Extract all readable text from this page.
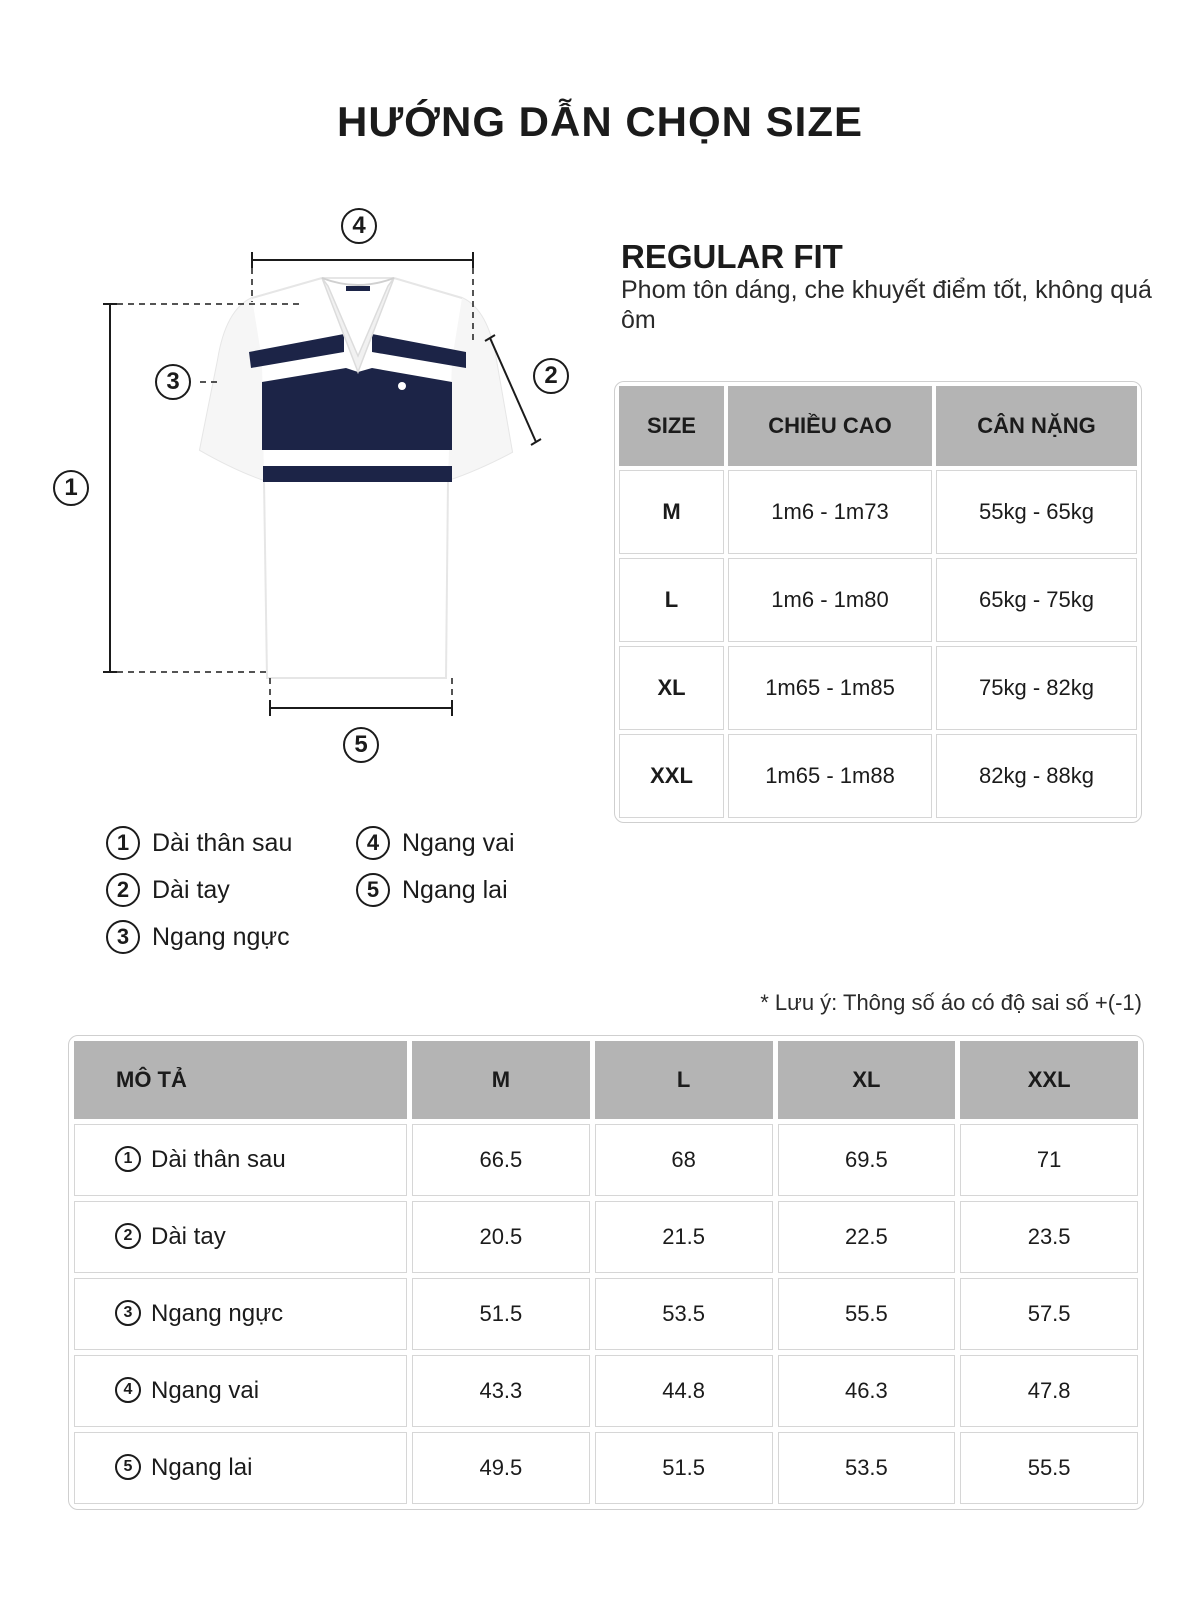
HƯỚNG DẪN CHỌN SIZE
4
1
3	2
5
REGULAR FIT

Phom tôn dáng, che khuyết điểm tốt, không quá ôm

SIZE	CHIỀU CAO	CÂN NẶNG
M	1m6 - 1m73	55kg - 65kg
L	1m6 - 1m80	65kg - 75kg
XL	1m65 - 1m85	75kg - 82kg
XXL	1m65 - 1m88	82kg - 88kg
1 Dài thân sau
2 Dài tay
3 Ngang ngực
4 Ngang vai
5 Ngang lai

* Lưu ý: Thông số áo có độ sai số +(-1)

MÔ TẢ	M	L	XL	XXL
1 Dài thân sau	66.5	68	69.5	71
2 Dài tay	20.5	21.5	22.5	23.5
3 Ngang ngực	51.5	53.5	55.5	57.5
4 Ngang vai	43.3	44.8	46.3	47.8
5 Ngang lai	49.5	51.5	53.5	55.5
